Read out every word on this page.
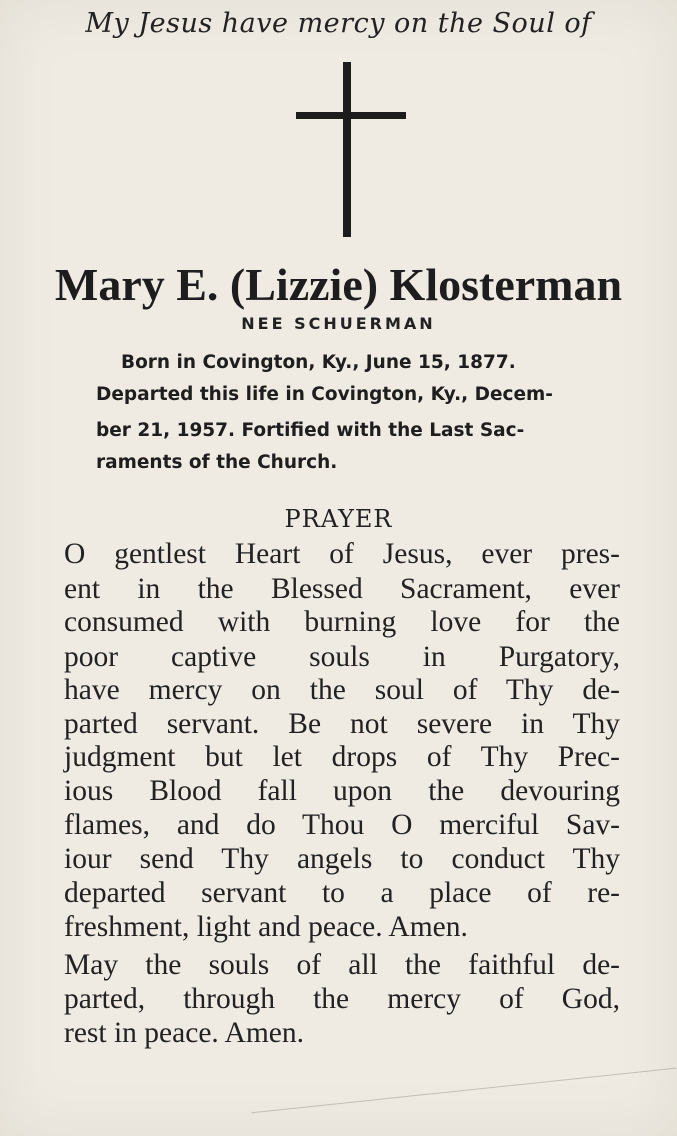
My Jesus have mercy on the Soul of
Mary E. (Lizzie) Klosterman
NEE SCHUERMAN
Born in Covington, Ky., June 15, 1877.
Departed this life in Covington, Ky., Decem-
ber 21, 1957. Fortified with the Last Sac-
raments of the Church.
PRAYER
O gentlest Heart of Jesus, ever pres-
ent in the Blessed Sacrament, ever
consumed with burning love for the
poor captive souls in Purgatory,
have mercy on the soul of Thy de-
parted servant. Be not severe in Thy
judgment but let drops of Thy Prec-
ious Blood fall upon the devouring
flames, and do Thou O merciful Sav-
iour send Thy angels to conduct Thy
departed servant to a place of re-
freshment, light and peace. Amen.
May the souls of all the faithful de-
parted, through the mercy of God,
rest in peace. Amen.
